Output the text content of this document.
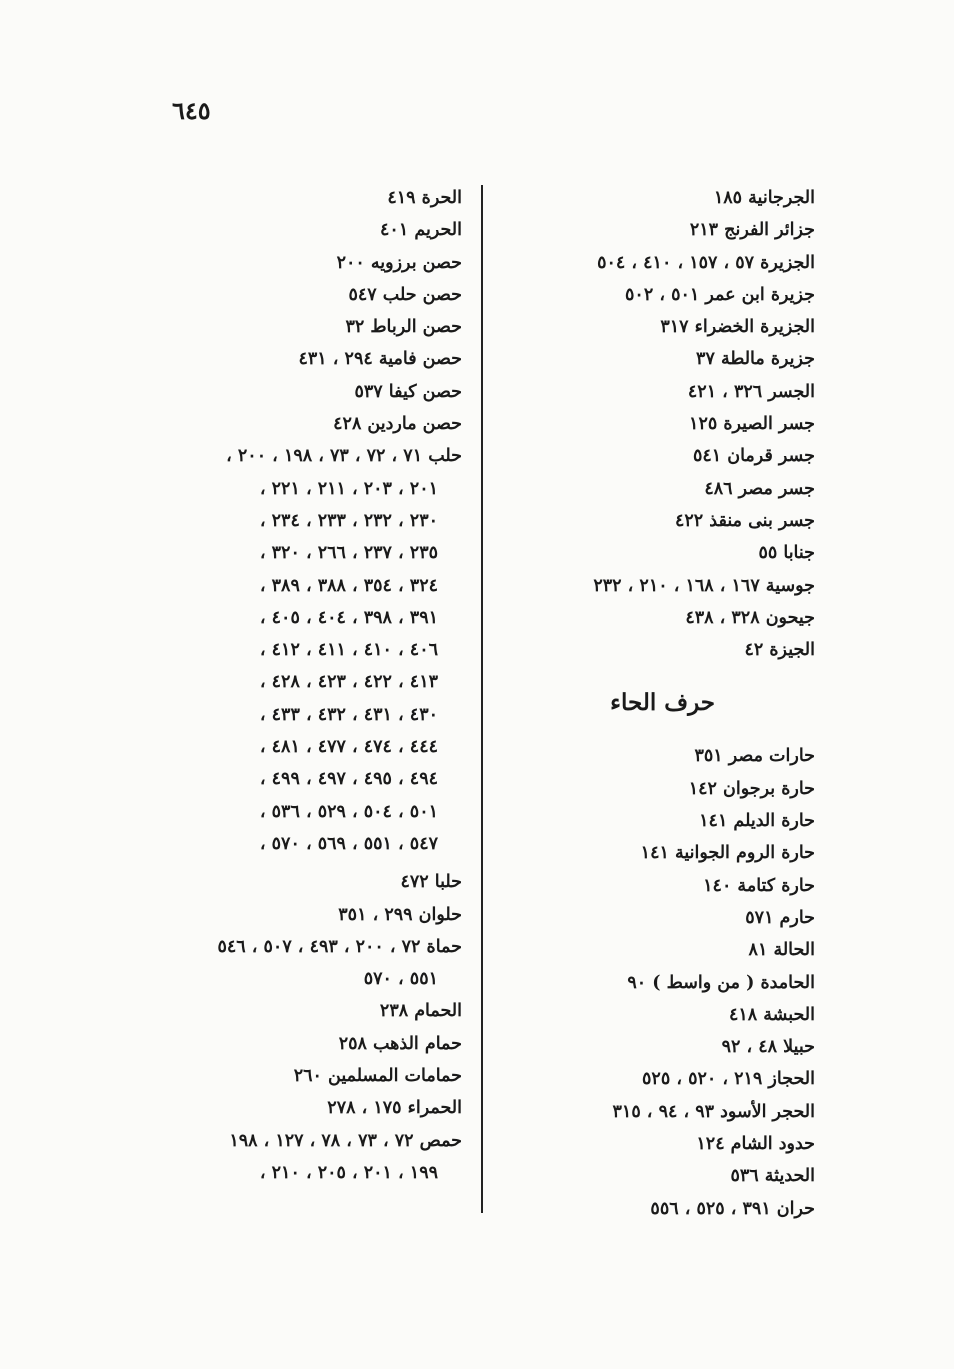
٦٤٥
الجرجانية ١٨٥
جزائر الفرنج ٢١٣
الجزيرة ٥٧ ، ١٥٧ ، ٤١٠ ، ٥٠٤
جزيرة ابن عمر ٥٠١ ، ٥٠٢
الجزيرة الخضراء ٣١٧
جزيرة مالطة ٣٧
الجسر ٣٢٦ ، ٤٢١
جسر الصيرة ١٢٥
جسر قرمان ٥٤١
جسر مصر ٤٨٦
جسر بنى منقذ ٤٢٢
جنابا ٥٥
جوسية ١٦٧ ، ١٦٨ ، ٢١٠ ، ٢٣٢
جيحون ٣٢٨ ، ٤٣٨
الجيزة ٤٢
حرف الحاء
حارات مصر ٣٥١
حارة برجوان ١٤٢
حارة الديلم ١٤١
حارة الروم الجوانية ١٤١
حارة كتامة ١٤٠
حارم ٥٧١
الحالة ٨١
الحامدة ( من واسط ) ٩٠
الحبشة ٤١٨
حبيلا ٤٨ ، ٩٢
الحجاز ٢١٩ ، ٥٢٠ ، ٥٢٥
الحجر الأسود ٩٣ ، ٩٤ ، ٣١٥
حدود الشام ١٢٤
الحديثة ٥٣٦
حران ٣٩١ ، ٥٢٥ ، ٥٥٦
الحرة ٤١٩
الحريم ٤٠١
حصن برزويه ٢٠٠
حصن حلب ٥٤٧
حصن الرباط ٣٢
حصن فامية ٢٩٤ ، ٤٣١
حصن كيفا ٥٣٧
حصن ماردين ٤٢٨
حلب ٧١ ، ٧٢ ، ٧٣ ، ١٩٨ ، ٢٠٠ ،
٢٠١ ، ٢٠٣ ، ٢١١ ، ٢٢١ ،
٢٣٠ ، ٢٣٢ ، ٢٣٣ ، ٢٣٤ ،
٢٣٥ ، ٢٣٧ ، ٢٦٦ ، ٣٢٠ ،
٣٢٤ ، ٣٥٤ ، ٣٨٨ ، ٣٨٩ ،
٣٩١ ، ٣٩٨ ، ٤٠٤ ، ٤٠٥ ،
٤٠٦ ، ٤١٠ ، ٤١١ ، ٤١٢ ،
٤١٣ ، ٤٢٢ ، ٤٢٣ ، ٤٢٨ ،
٤٣٠ ، ٤٣١ ، ٤٣٢ ، ٤٣٣ ،
٤٤٤ ، ٤٧٤ ، ٤٧٧ ، ٤٨١ ،
٤٩٤ ، ٤٩٥ ، ٤٩٧ ، ٤٩٩ ،
٥٠١ ، ٥٠٤ ، ٥٢٩ ، ٥٣٦ ،
٥٤٧ ، ٥٥١ ، ٥٦٩ ، ٥٧٠ ،
حلبا ٤٧٢
حلوان ٢٩٩ ، ٣٥١
حماة ٧٢ ، ٢٠٠ ، ٤٩٣ ، ٥٠٧ ، ٥٤٦
٥٥١ ، ٥٧٠
الحمام ٢٣٨
حمام الذهب ٢٥٨
حمامات المسلمين ٢٦٠
الحمراء ١٧٥ ، ٢٧٨
حمص ٧٢ ، ٧٣ ، ٧٨ ، ١٢٧ ، ١٩٨
١٩٩ ، ٢٠١ ، ٢٠٥ ، ٢١٠ ،
